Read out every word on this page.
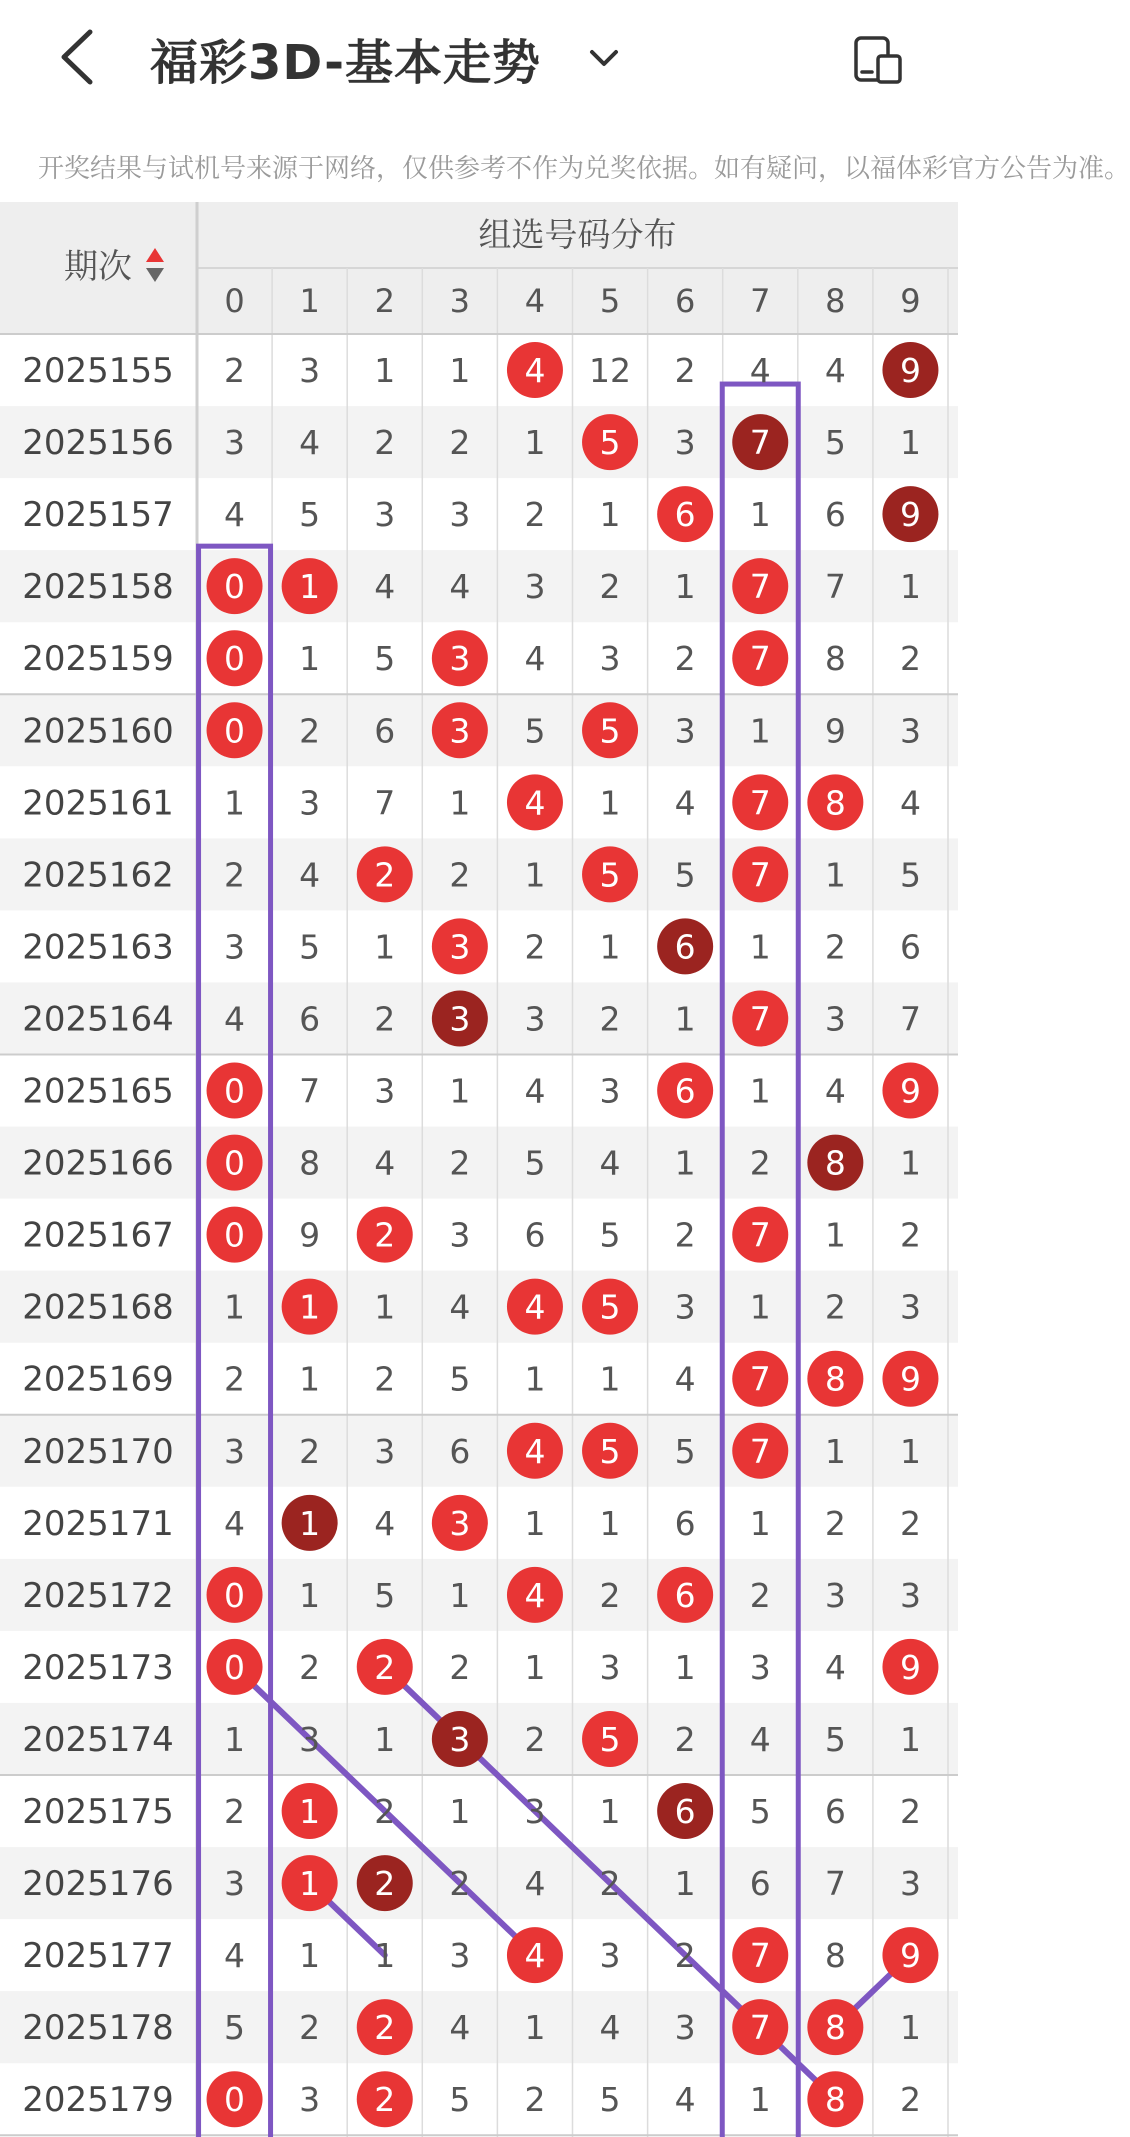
福彩3D-基本走势
开奖结果与试机号来源于网络，仅供参考不作为兑奖依据。如有疑问，以福体彩官方公告为准。
组选号码分布
期次
0 1 2 3 4 5 6 7 8 9
2025155 2 3 1 1 4 12 2 4 4 9
2025156 3 4 2 2 1 5 3 7 5 1
2025157 4 5 3 3 2 1 6 1 6 9
2025158 0 1 4 4 3 2 1 7 7 1
2025159 0 1 5 3 4 3 2 7 8 2
2025160 0 2 6 3 5 5 3 1 9 3
2025161 1 3 7 1 4 1 4 7 8 4
2025162 2 4 2 2 1 5 5 7 1 5
2025163 3 5 1 3 2 1 6 1 2 6
2025164 4 6 2 3 3 2 1 7 3 7
2025165 0 7 3 1 4 3 6 1 4 9
2025166 0 8 4 2 5 4 1 2 8 1
2025167 0 9 2 3 6 5 2 7 1 2
2025168 1 1 1 4 4 5 3 1 2 3
2025169 2 1 2 5 1 1 4 7 8 9
2025170 3 2 3 6 4 5 5 7 1 1
2025171 4 1 4 3 1 1 6 1 2 2
2025172 0 1 5 1 4 2 6 2 3 3
2025173 0 2 2 2 1 3 1 3 4 9
2025174 1 3 1 3 2 5 2 4 5 1
2025175 2 1 2 1 3 1 6 5 6 2
2025176 3 1 2 2 4 2 1 6 7 3
2025177 4 1 1 3 4 3 2 7 8 9
2025178 5 2 2 4 1 4 3 7 8 1
2025179 0 3 2 5 2 5 4 1 8 2
